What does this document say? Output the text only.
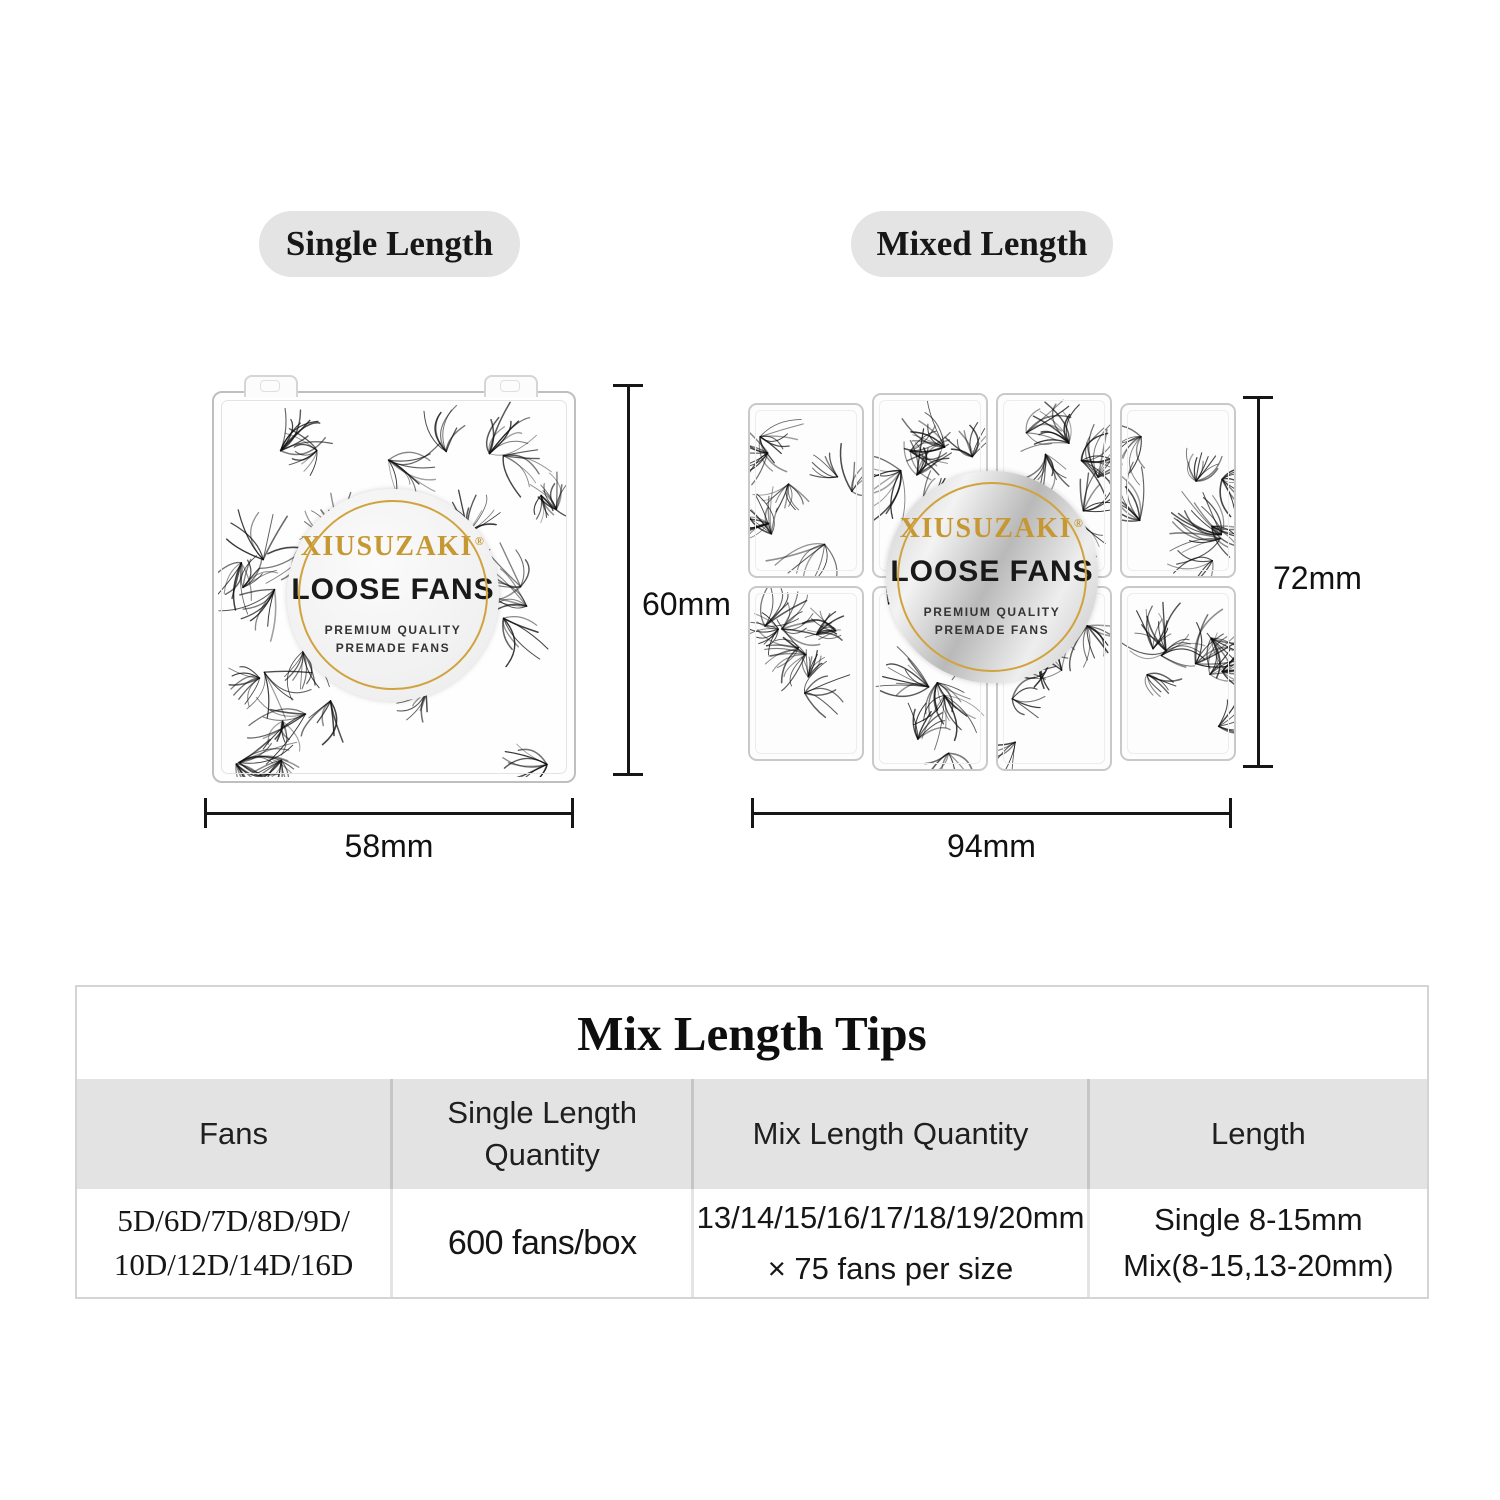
Single Length	Mixed Length
XIUSUZAKI ®
LOOSE FANS
PREMIUM QUALITY
PREMADE FANS
60mm
58mm
XIUSUZAKI ®
LOOSE FANS
PREMIUM QUALITY
PREMADE FANS
72mm
94mm
Mix Length Tips
Fans
Single Length Quantity
Mix Length Quantity	Length
5D/6D/7D/8D/9D/
10D/12D/14D/16D
600 fans/box
13/14/15/16/17/18/19/20mm
× 75 fans per size
Single 8-15mm
Mix(8-15,13-20mm)
